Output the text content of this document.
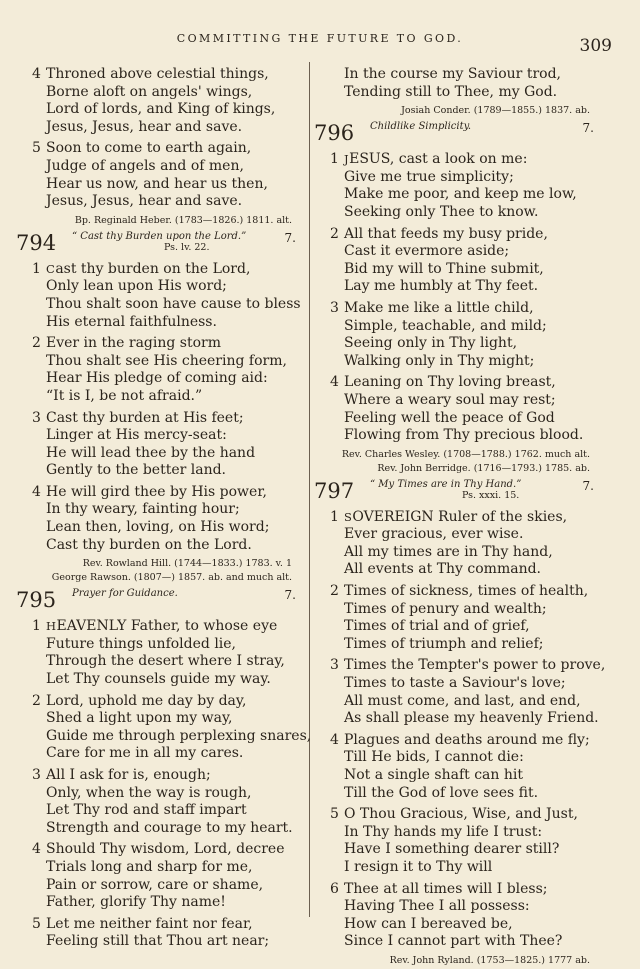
COMMITTING THE FUTURE TO GOD.	309
4 Throned above celestial things,
Borne aloft on angels' wings,
Lord of lords, and King of kings,
Jesus, Jesus, hear and save.
5 Soon to come to earth again,
Judge of angels and of men,
Hear us now, and hear us then,
Jesus, Jesus, hear and save.
Bp. Reginald Heber. (1783—1826.) 1811. alt.
794 “ Cast thy Burden upon the Lord.”
Ps. lv. 22.
7.
1 Cast thy burden on the Lord,
Only lean upon His word;
Thou shalt soon have cause to bless
His eternal faithfulness.
2 Ever in the raging storm
Thou shalt see His cheering form,
Hear His pledge of coming aid:
“It is I, be not afraid.”
3 Cast thy burden at His feet;
Linger at His mercy-seat:
He will lead thee by the hand
Gently to the better land.
4 He will gird thee by His power,
In thy weary, fainting hour;
Lean then, loving, on His word;
Cast thy burden on the Lord.
Rev. Rowland Hill. (1744—1833.) 1783. v. 1
George Rawson. (1807—) 1857. ab. and much alt.
795 Prayer for Guidance.	7.
1 HEAVENLY Father, to whose eye
Future things unfolded lie,
Through the desert where I stray,
Let Thy counsels guide my way.
2 Lord, uphold me day by day,
Shed a light upon my way,
Guide me through perplexing snares,
Care for me in all my cares.
3 All I ask for is, enough;
Only, when the way is rough,
Let Thy rod and staff impart
Strength and courage to my heart.
4 Should Thy wisdom, Lord, decree
Trials long and sharp for me,
Pain or sorrow, care or shame,
Father, glorify Thy name!
5 Let me neither faint nor fear,
Feeling still that Thou art near;
In the course my Saviour trod,
Tending still to Thee, my God.
Josiah Conder. (1789—1855.) 1837. ab.
796 Childlike Simplicity.	7.
1 JESUS, cast a look on me:
Give me true simplicity;
Make me poor, and keep me low,
Seeking only Thee to know.
2 All that feeds my busy pride,
Cast it evermore aside;
Bid my will to Thine submit,
Lay me humbly at Thy feet.
3 Make me like a little child,
Simple, teachable, and mild;
Seeing only in Thy light,
Walking only in Thy might;
4 Leaning on Thy loving breast,
Where a weary soul may rest;
Feeling well the peace of God
Flowing from Thy precious blood.
Rev. Charles Wesley. (1708—1788.) 1762. much alt.
Rev. John Berridge. (1716—1793.) 1785. ab.
797 “ My Times are in Thy Hand.”
Ps. xxxi. 15.
7.
1 SOVEREIGN Ruler of the skies,
Ever gracious, ever wise.
All my times are in Thy hand,
All events at Thy command.
2 Times of sickness, times of health,
Times of penury and wealth;
Times of trial and of grief,
Times of triumph and relief;
3 Times the Tempter's power to prove,
Times to taste a Saviour's love;
All must come, and last, and end,
As shall please my heavenly Friend.
4 Plagues and deaths around me fly;
Till He bids, I cannot die:
Not a single shaft can hit
Till the God of love sees fit.
5 O Thou Gracious, Wise, and Just,
In Thy hands my life I trust:
Have I something dearer still?
I resign it to Thy will
6 Thee at all times will I bless;
Having Thee I all possess:
How can I bereaved be,
Since I cannot part with Thee?
Rev. John Ryland. (1753—1825.) 1777 ab.
